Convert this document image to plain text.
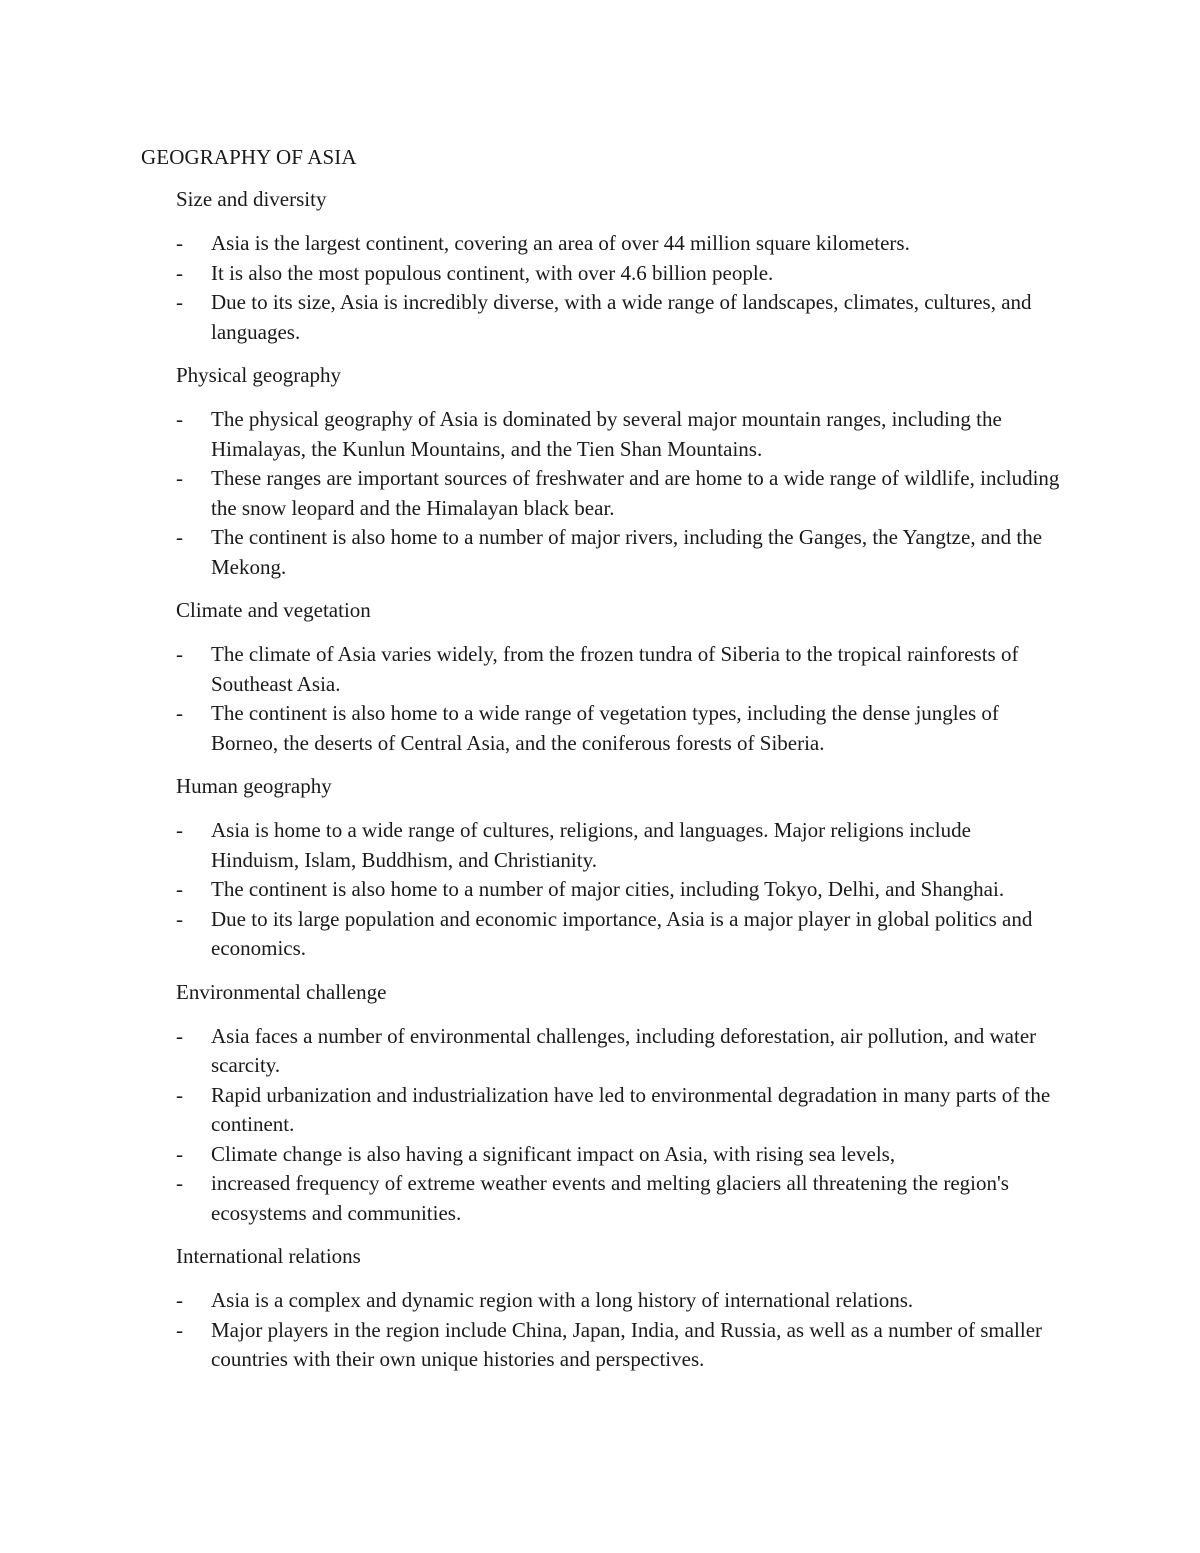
GEOGRAPHY OF ASIA
Size and diversity
- Asia is the largest continent, covering an area of over 44 million square kilometers.
- It is also the most populous continent, with over 4.6 billion people.
- Due to its size, Asia is incredibly diverse, with a wide range of landscapes, climates, cultures, and languages.
Physical geography
- The physical geography of Asia is dominated by several major mountain ranges, including the Himalayas, the Kunlun Mountains, and the Tien Shan Mountains.
- These ranges are important sources of freshwater and are home to a wide range of wildlife, including the snow leopard and the Himalayan black bear.
- The continent is also home to a number of major rivers, including the Ganges, the Yangtze, and the Mekong.
Climate and vegetation
- The climate of Asia varies widely, from the frozen tundra of Siberia to the tropical rainforests of Southeast Asia.
- The continent is also home to a wide range of vegetation types, including the dense jungles of Borneo, the deserts of Central Asia, and the coniferous forests of Siberia.
Human geography
- Asia is home to a wide range of cultures, religions, and languages. Major religions include Hinduism, Islam, Buddhism, and Christianity.
- The continent is also home to a number of major cities, including Tokyo, Delhi, and Shanghai.
- Due to its large population and economic importance, Asia is a major player in global politics and economics.
Environmental challenge
- Asia faces a number of environmental challenges, including deforestation, air pollution, and water scarcity.
- Rapid urbanization and industrialization have led to environmental degradation in many parts of the continent.
- Climate change is also having a significant impact on Asia, with rising sea levels,
- increased frequency of extreme weather events and melting glaciers all threatening the region's ecosystems and communities.
International relations
- Asia is a complex and dynamic region with a long history of international relations.
- Major players in the region include China, Japan, India, and Russia, as well as a number of smaller countries with their own unique histories and perspectives.
